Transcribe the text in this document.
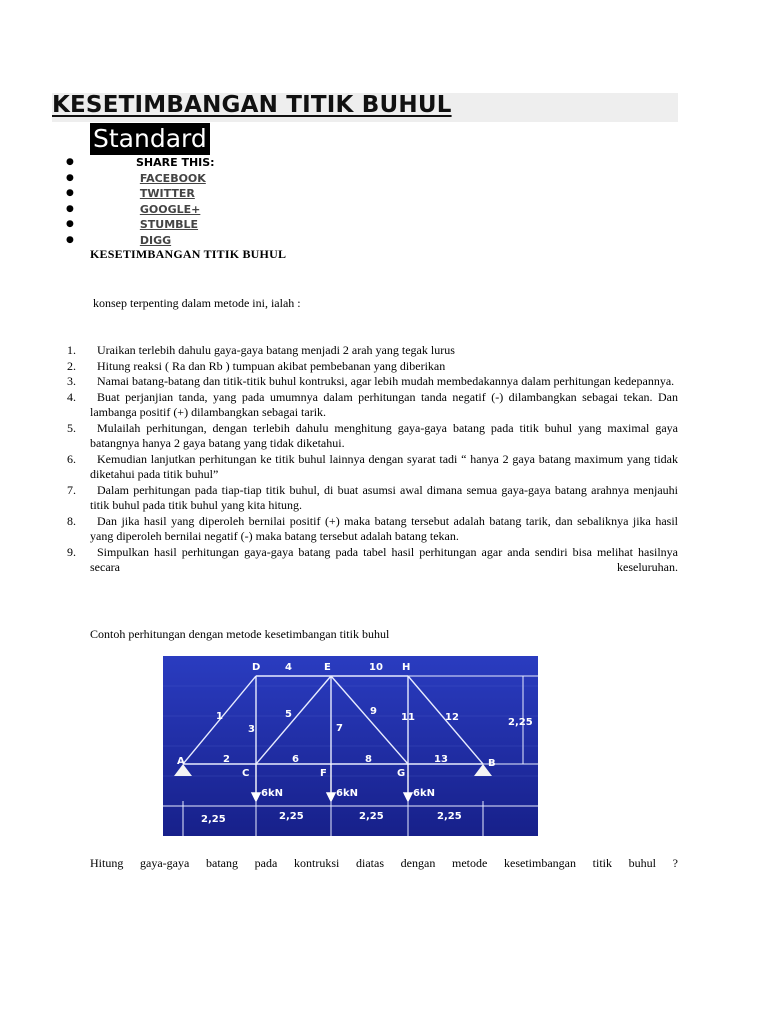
KESETIMBANGAN TITIK BUHUL
Standard
●	SHARE THIS:
●	FACEBOOK
●	TWITTER
●	GOOGLE+
●	STUMBLE
●	DIGG
KESETIMBANGAN TITIK BUHUL
konsep terpenting dalam metode ini, ialah :
1.	Uraikan terlebih dahulu gaya-gaya batang menjadi 2 arah yang tegak lurus
2.	Hitung reaksi ( Ra dan Rb ) tumpuan akibat pembebanan yang diberikan
3.	Namai batang-batang dan titik-titik buhul kontruksi, agar lebih mudah membedakannya dalam perhitungan kedepannya.
4.	Buat perjanjian tanda, yang pada umumnya dalam perhitungan tanda negatif (-) dilambangkan sebagai tekan. Dan lambanga positif (+) dilambangkan sebagai tarik.
5.	Mulailah perhitungan, dengan terlebih dahulu menghitung gaya-gaya batang pada titik buhul yang maximal gaya batangnya hanya 2 gaya batang yang tidak diketahui.
6.	Kemudian lanjutkan perhitungan ke titik buhul lainnya dengan syarat tadi “ hanya 2 gaya batang maximum yang tidak diketahui pada titik buhul”
7.	Dalam perhitungan pada tiap-tiap titik buhul, di buat asumsi awal dimana semua gaya-gaya batang arahnya menjauhi titik buhul pada titik buhul yang kita hitung.
8.	Dan jika hasil yang diperoleh bernilai positif (+) maka batang tersebut adalah batang tarik, dan sebaliknya jika hasil yang diperoleh bernilai negatif (-) maka batang tersebut adalah batang tekan.
9.	Simpulkan hasil perhitungan gaya-gaya batang pada tabel hasil perhitungan agar anda sendiri bisa melihat hasilnya secara keseluruhan.
Contoh perhitungan dengan metode kesetimbangan titik buhul
A	B
C
D	E
F	G
H
1
2
3
4
5
6
7
8
9
10
11	12
13
6kN	6kN	6kN
2,25
2,25	2,25	2,25	2,25
Hitung gaya-gaya batang pada kontruksi diatas dengan metode kesetimbangan titik buhul ?
